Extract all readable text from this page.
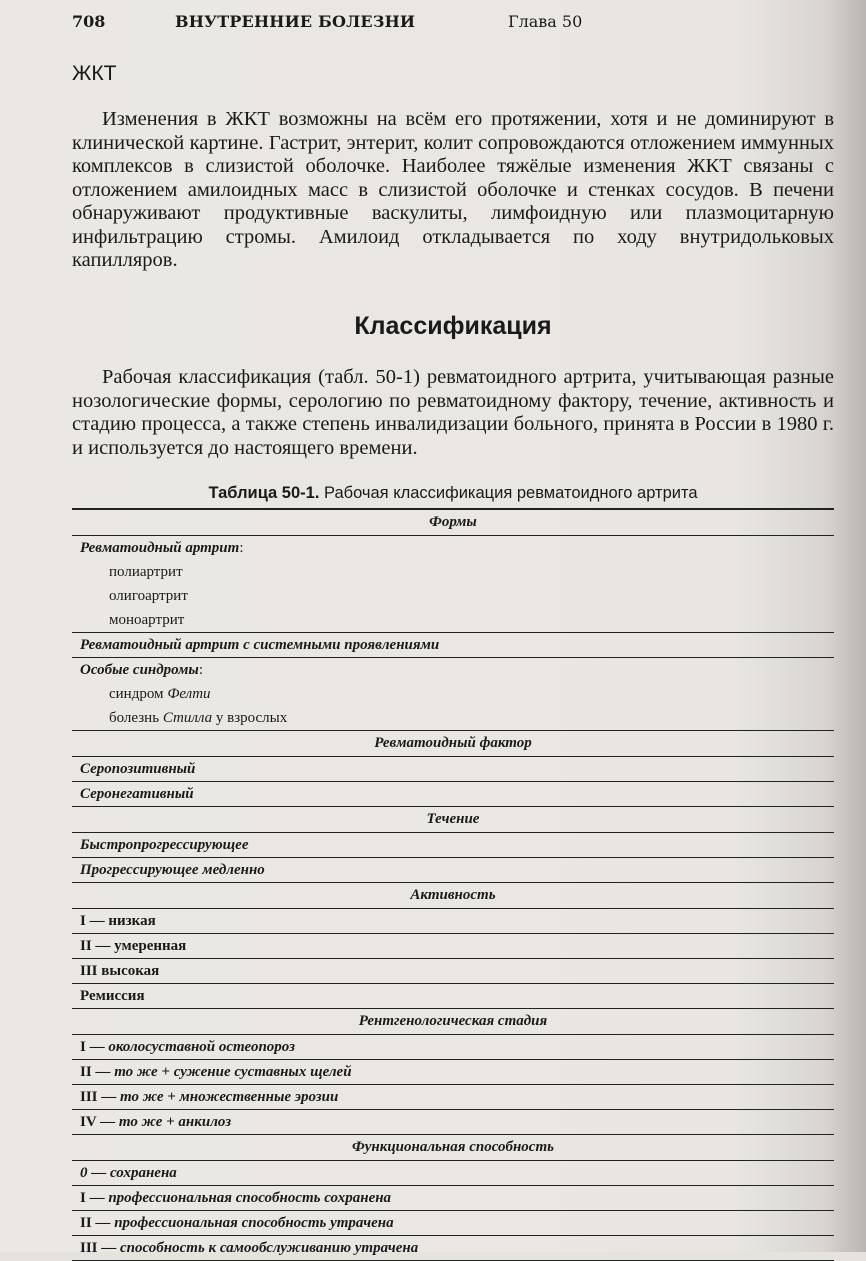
708	ВНУТРЕННИЕ БОЛЕЗНИ	Глава 50
ЖКТ
Изменения в ЖКТ возможны на всём его протяжении, хотя и не доминируют в клинической картине. Гастрит, энтерит, колит сопровождаются отложением иммунных комплексов в слизистой оболочке. Наиболее тяжёлые изменения ЖКТ связаны с отложением амилоидных масс в слизистой оболочке и стенках сосудов. В печени обнаруживают продуктивные васкулиты, лимфоидную или плазмоцитарную инфильтрацию стромы. Амилоид откладывается по ходу внутридольковых капилляров.
Классификация
Рабочая классификация (табл. 50-1) ревматоидного артрита, учитывающая разные нозологические формы, серологию по ревматоидному фактору, течение, активность и стадию процесса, а также степень инвалидизации больного, принята в России в 1980 г. и используется до настоящего времени.
Таблица 50-1. Рабочая классификация ревматоидного артрита
Формы
Ревматоидный артрит:
полиартрит
олигоартрит
моноартрит
Ревматоидный артрит с системными проявлениями
Особые синдромы:
синдром Фелти
болезнь Стилла у взрослых
Ревматоидный фактор
Серопозитивный
Серонегативный
Течение
Быстропрогрессирующее
Прогрессирующее медленно
Активность
I — низкая
II — умеренная
III высокая
Ремиссия
Рентгенологическая стадия
I — околосуставной остеопороз
II — то же + сужение суставных щелей
III — то же + множественные эрозии
IV — то же + анкилоз
Функциональная способность
0 — сохранена
I — профессиональная способность сохранена
II — профессиональная способность утрачена
III — способность к самообслуживанию утрачена
